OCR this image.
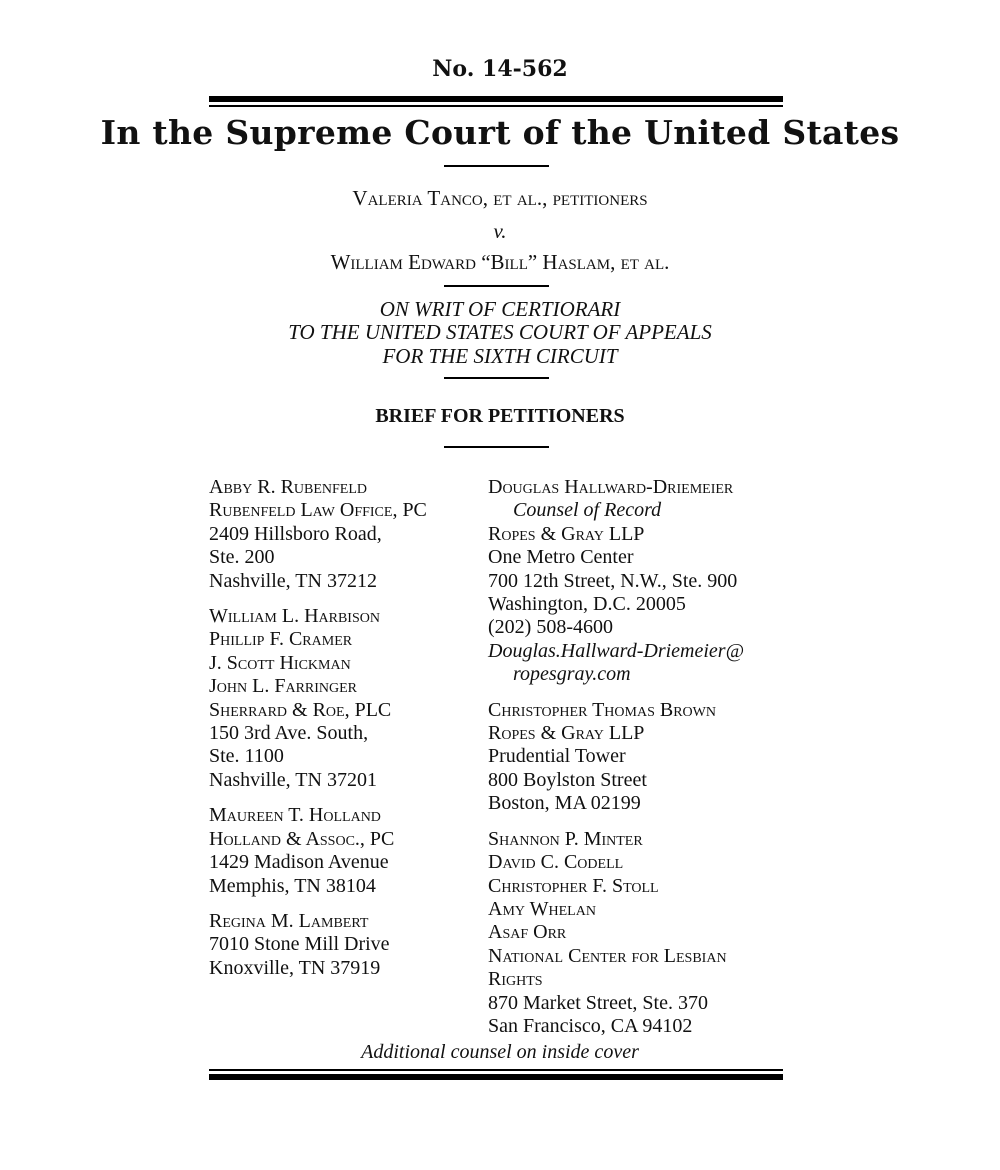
No. 14-562
In the Supreme Court of the United States
Valeria Tanco, et al., petitioners
v.
William Edward “Bill” Haslam, et al.
ON WRIT OF CERTIORARI
TO THE UNITED STATES COURT OF APPEALS
FOR THE SIXTH CIRCUIT
BRIEF FOR PETITIONERS
Abby R. Rubenfeld
Rubenfeld Law Office, PC
2409 Hillsboro Road,
Ste. 200
Nashville, TN 37212
William L. Harbison
Phillip F. Cramer
J. Scott Hickman
John L. Farringer
Sherrard & Roe, PLC
150 3rd Ave. South,
Ste. 1100
Nashville, TN 37201
Maureen T. Holland
Holland & Assoc., PC
1429 Madison Avenue
Memphis, TN 38104
Regina M. Lambert
7010 Stone Mill Drive
Knoxville, TN 37919
Douglas Hallward-Driemeier
Counsel of Record
Ropes & Gray LLP
One Metro Center
700 12th Street, N.W., Ste. 900
Washington, D.C. 20005
(202) 508-4600
Douglas.Hallward-Driemeier@
ropesgray.com
Christopher Thomas Brown
Ropes & Gray LLP
Prudential Tower
800 Boylston Street
Boston, MA 02199
Shannon P. Minter
David C. Codell
Christopher F. Stoll
Amy Whelan
Asaf Orr
National Center for Lesbian
Rights
870 Market Street, Ste. 370
San Francisco, CA 94102
Additional counsel on inside cover
